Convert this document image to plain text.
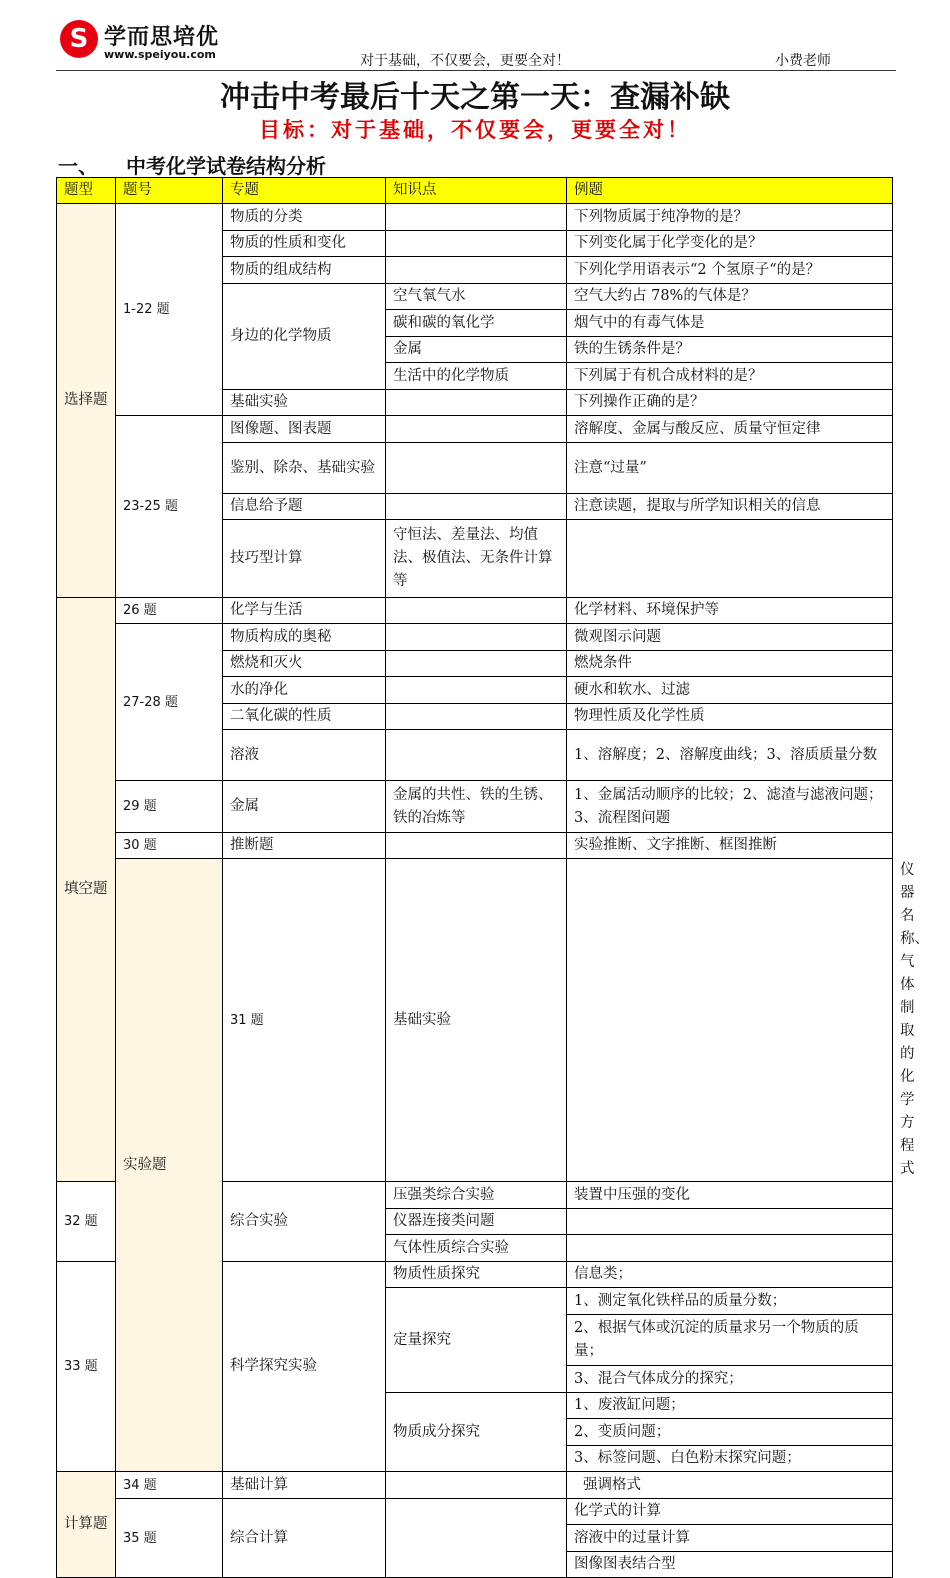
S 学而思培优
www.speiyou.com	对于基础，不仅要会，更要全对！	小费老师
冲击中考最后十天之第一天：查漏补缺
目标：对于基础，不仅要会，更要全对！
一、 中考化学试卷结构分析
题型	题号	专题	知识点	例题	
选择题	1-22 题	物质的分类		下列物质属于纯净物的是？	
		物质的性质和变化		下列变化属于化学变化的是？	
		物质的组成结构		下列化学用语表示“2 个氢原子“的是？	
		身边的化学物质	空气氧气水	空气大约占 78%的气体是？	
			碳和碳的氧化学	烟气中的有毒气体是	
			金属	铁的生锈条件是？	
			生活中的化学物质	下列属于有机合成材料的是？	
		基础实验		下列操作正确的是？	
	23-25 题	图像题、图表题		溶解度、金属与酸反应、质量守恒定律	
		鉴别、除杂、基础实验		注意“过量”	
		信息给予题		注意读题，提取与所学知识相关的信息	
		技巧型计算	守恒法、差量法、均值法、极值法、无条件计算等		
填空题	26 题	化学与生活		化学材料、环境保护等	
	27-28 题	物质构成的奥秘		微观图示问题	
		燃烧和灭火		燃烧条件	
		水的净化		硬水和软水、过滤	
		二氧化碳的性质		物理性质及化学性质	
		溶液		1、溶解度；2、溶解度曲线；3、溶质质量分数	
	29 题	金属	金属的共性、铁的生锈、铁的冶炼等	1、金属活动顺序的比较；2、滤渣与滤液问题；3、流程图问题	
	30 题	推断题		实验推断、文字推断、框图推断	
	实验题	31 题	基础实验		仪器名称、气体制取的化学方程式
32 题		综合实验	压强类综合实验	装置中压强的变化	
			仪器连接类问题		
			气体性质综合实验		
33 题		科学探究实验	物质性质探究	信息类；	
			定量探究	1、测定氧化铁样品的质量分数；	
				2、根据气体或沉淀的质量求另一个物质的质量；	
				3、混合气体成分的探究；	
			物质成分探究	1、废液缸问题；	
				2、变质问题；	
				3、标签问题、白色粉末探究问题；	
计算题	34 题	基础计算		强调格式	
	35 题	综合计算		化学式的计算	
				溶液中的过量计算	
				图像图表结合型	
